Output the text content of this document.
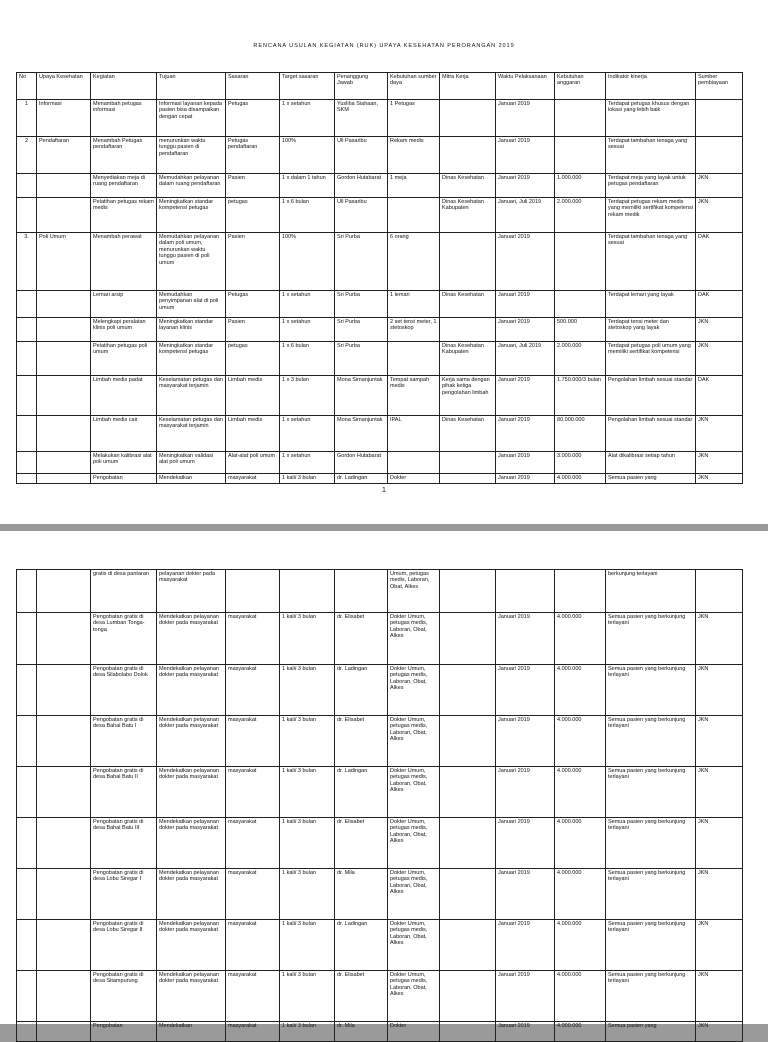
RENCANA USULAN KEGIATAN (RUK) UPAYA KESEHATAN PERORANGAN 2019
No	Upaya Kesehatan	Kegiatan	Tujuan	Sasaran	Target sasaran	Penanggung Jawab	Kebutuhan sumber daya	Mitra Kerja	Waktu Pelaksanaan	Kebutuhan anggaran	Indikator kinerja	Sumber pembiayaan
1	Informasi	Menambah petugas informasi	Informasi layanan kepada pasien bisa disampaikan dengan cepat	Petugas	1 x setahun	Yusliha Siahaan, SKM	1 Petugas		Januari 2019		Terdapat petugas khusus dengan lokasi yang lebih baik	
2	Pendaftaran	Menambah Petugas pendaftaran	menurunkan waktu tunggu pasien di pendaftaran	Petugas pendaftaran	100%	Ull Pasaribu	Rekam medis		Januari 2019		Terdapat tambahan tenaga yang sesuai	
		Menyediakan meja di ruang pendaftaran	Memudahkan pelayanan dalam ruang pendaftaran	Pasien	1 x dalam 1 tahun	Gordon Hutabarat	1 meja	Dinas Kesehatan	Januari 2019	1.000.000	Terdapat meja yang layak untuk petugas pendaftaran	JKN
		Pelatihan petugas rekam medis	Meningkatkan standar kompetensi petugas	petugas	1 x 6 bulan	Ull Pasaribu		Dinas Kesehatan Kabupaten	Januari, Juli 2019	2.000.000	Terdapat petugas rekam medis yang memiliki sertifikat kompetensi rekam medik	JKN
3.	Poli Umum	Menambah perawat	Memudahkan pelayanan dalam poli umum, menurunkan waktu tunggu pasien di poli umum	Pasien	100%	Sri Purba	6 orang		Januari 2019		Terdapat tambahan tenaga yang sesuai	DAK
		Lemari arsip	Memudahkan penyimpanan alat di poli umum	Petugas	1 x setahun	Sri Purba	1 lemari	Dinas Kesehatan	Januari 2019		Terdapat lemari yang layak	DAK
		Melengkapi peralatan klinis poli umum	Meningkatkan standar layanan klinis	Pasien	1 x setahun	Sri Purba	2 set tensi meter, 1 stetoskop		Januari 2019	500.000	Terdapat tensi meter dan stetoskop yang layak	JKN
		Pelatihan petugas poli umum	Meningkatkan standar kompetensi petugas	petugas	1 x 6 bulan	Sri Purba		Dinas Kesehatan Kabupaten	Januari, Juli 2019	2.000.000	Terdapat petugas poli umum yang memiliki sertifikat kompetensi	JKN
		Limbah medis padat	Keselamatan petugas dan masyarakat terjamin	Limbah medis	1 x 3 bulan	Mona Simanjuntak	Tempat sampah medis	Kerja sama dengan pihak ketiga pengolahan limbah	Januari 2019	1.750.000/3 bulan	Pengolahan limbah sesuai standar	DAK
		Limbah medis cair	Keselamatan petugas dan masyarakat terjamin	Limbah medis	1 x setahun	Mona Simanjuntak	IPAL	Dinas Kesehatan	Januari 2019	80.000.000	Pengolahan limbah sesuai standar	JKN
		Melakukan kalibrasi alat poli umum	Meningkatkan validasi alat poli umum	Alat-alat poli umum	1 x setahun	Gordon Hutabarat			Januari 2019	3.000.000	Alat dikalibrasi setiap tahun	JKN
		Pengobatan	Mendekatkan	masyarakat	1 kali/ 3 bulan	dr. Ladingan	Dokter		Januari 2019	4.000.000	Semua pasien yang	JKN
1
		gratis di desa pantaran	pelayanan dokter pada masyarakat				Umum, petugas medis, Laboran, Obat, Alkes				berkunjung terlayani	
		Pengobatan gratis di desa Lumban Tonga-tonga	Mendekatkan pelayanan dokter pada masyarakat	masyarakat	1 kali/ 3 bulan	dr. Elisabet	Dokter Umum, petugas medis, Laboran, Obat, Alkes		Januari 2019	4.000.000	Semua pasien yang berkunjung terlayani	JKN
		Pengobatan gratis di desa Silabolabo Dolok	Mendekatkan pelayanan dokter pada masyarakat	masyarakat	1 kali/ 3 bulan	dr. Ladingan	Dokter Umum, petugas medis, Laboran, Obat, Alkes		Januari 2019	4.000.000	Semua pasien yang berkunjung terlayani	JKN
		Pengobatan gratis di desa Bahal Batu I	Mendekatkan pelayanan dokter pada masyarakat	masyarakat	1 kali/ 3 bulan	dr. Elisabet	Dokter Umum, petugas medis, Laboran, Obat, Alkes		Januari 2019	4.000.000	Semua pasien yang berkunjung terlayani	JKN
		Pengobatan gratis di desa Bahal Batu II	Mendekatkan pelayanan dokter pada masyarakat	masyarakat	1 kali/ 3 bulan	dr. Ladingan	Dokter Umum, petugas medis, Laboran, Obat, Alkes		Januari 2019	4.000.000	Semua pasien yang berkunjung terlayani	JKN
		Pengobatan gratis di desa Bahal Batu III	Mendekatkan pelayanan dokter pada masyarakat	masyarakat	1 kali/ 3 bulan	dr. Elisabet	Dokter Umum, petugas medis, Laboran, Obat, Alkes		Januari 2019	4.000.000	Semua pasien yang berkunjung terlayani	JKN
		Pengobatan gratis di desa Lobu Siregar I	Mendekatkan pelayanan dokter pada masyarakat	masyarakat	1 kali/ 3 bulan	dr. Mila	Dokter Umum, petugas medis, Laboran, Obat, Alkes		Januari 2019	4.000.000	Semua pasien yang berkunjung terlayani	JKN
		Pengobatan gratis di desa Lobu Siregar II	Mendekatkan pelayanan dokter pada masyarakat	masyarakat	1 kali/ 3 bulan	dr. Ladingan	Dokter Umum, petugas medis, Laboran, Obat, Alkes		Januari 2019	4.000.000	Semua pasien yang berkunjung terlayani	JKN
		Pengobatan gratis di desa Sitampurung	Mendekatkan pelayanan dokter pada masyarakat	masyarakat	1 kali/ 3 bulan	dr. Elisabet	Dokter Umum, petugas medis, Laboran, Obat, Alkes		Januari 2019	4.000.000	Semua pasien yang berkunjung terlayani	JKN
		Pengobatan	Mendekatkan	masyarakat	1 kali/ 3 bulan	dr. Mila	Dokter		Januari 2019	4.000.000	Semua pasien yang	JKN
